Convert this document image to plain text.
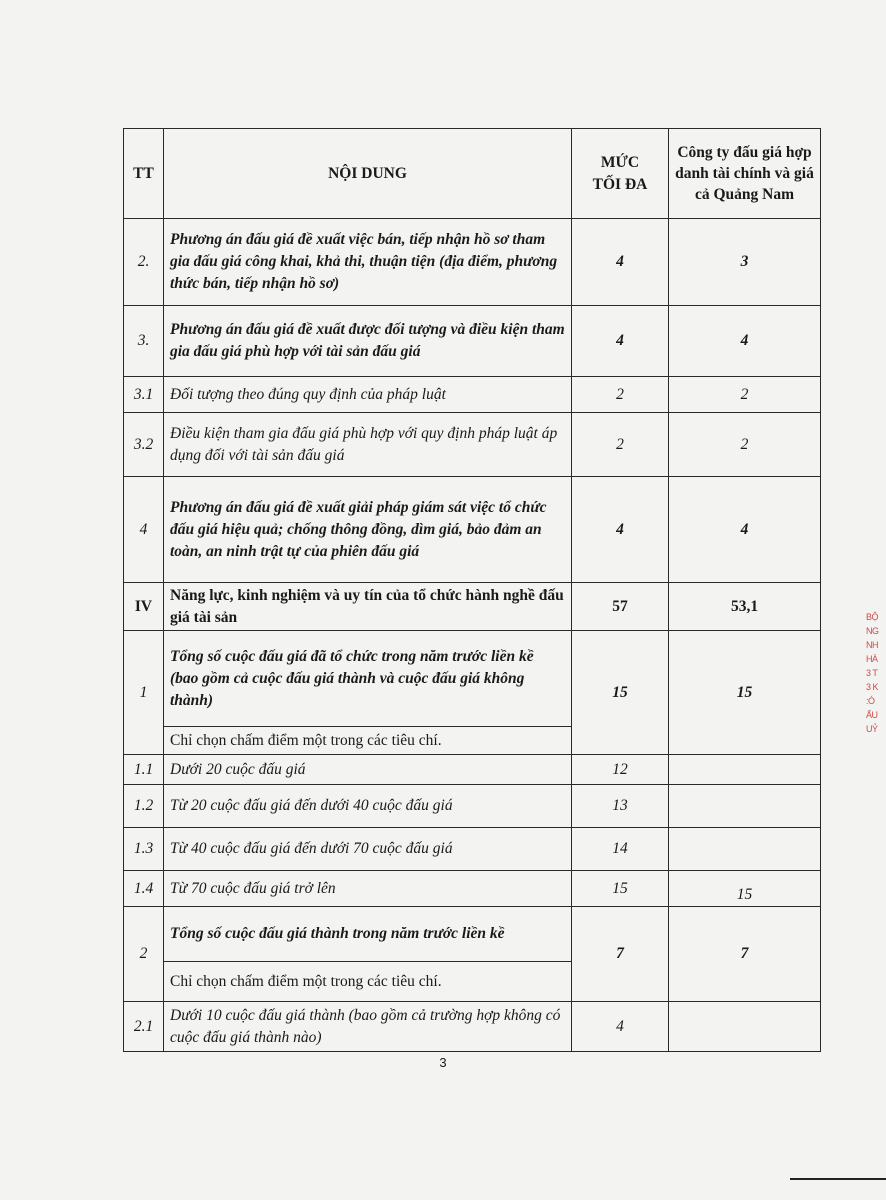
TT	NỘI DUNG	MỨC TỐI ĐA	Công ty đấu giá hợp danh tài chính và giá cả Quảng Nam
2.	Phương án đấu giá đề xuất việc bán, tiếp nhận hồ sơ tham gia đấu giá công khai, khả thi, thuận tiện (địa điểm, phương thức bán, tiếp nhận hồ sơ)	4	3
3.	Phương án đấu giá đề xuất được đối tượng và điều kiện tham gia đấu giá phù hợp với tài sản đấu giá	4	4
3.1	Đối tượng theo đúng quy định của pháp luật	2	2
3.2	Điều kiện tham gia đấu giá phù hợp với quy định pháp luật áp dụng đối với tài sản đấu giá	2	2
4	Phương án đấu giá đề xuất giải pháp giám sát việc tổ chức đấu giá hiệu quả; chống thông đồng, dìm giá, bảo đảm an toàn, an ninh trật tự của phiên đấu giá	4	4
IV	Năng lực, kinh nghiệm và uy tín của tổ chức hành nghề đấu giá tài sản	57	53,1
1	Tổng số cuộc đấu giá đã tổ chức trong năm trước liền kề (bao gồm cả cuộc đấu giá thành và cuộc đấu giá không thành)	15	15
	Chỉ chọn chấm điểm một trong các tiêu chí.		
1.1	Dưới 20 cuộc đấu giá	12	
1.2	Từ 20 cuộc đấu giá đến dưới 40 cuộc đấu giá	13	
1.3	Từ 40 cuộc đấu giá đến dưới 70 cuộc đấu giá	14	
1.4	Từ 70 cuộc đấu giá trở lên	15	15
2	Tổng số cuộc đấu giá thành trong năm trước liền kề	7	7
	Chỉ chọn chấm điểm một trong các tiêu chí.		
2.1	Dưới 10 cuộc đấu giá thành (bao gồm cả trường hợp không có cuộc đấu giá thành nào)	4	
3
BỘ
NG
NH
HÀ
3 T
3 K
:Ó
ẤU
UỶ
